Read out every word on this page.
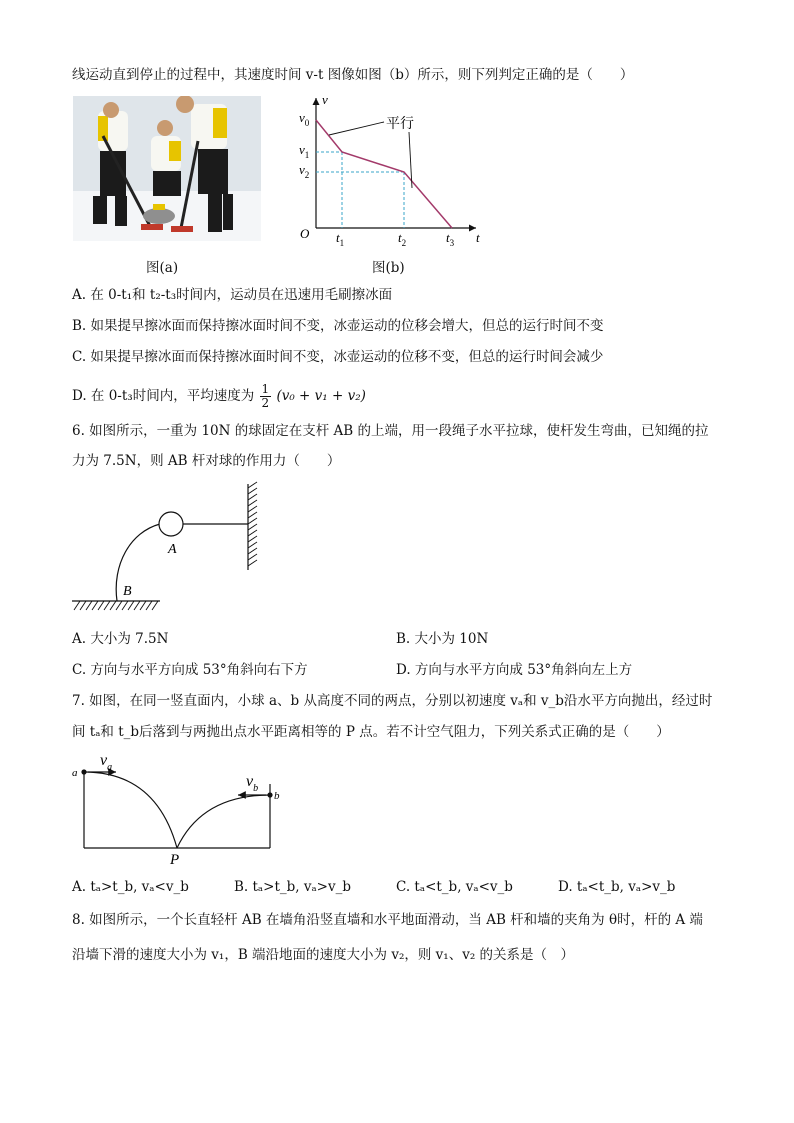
线运动直到停止的过程中，其速度时间 v-t 图像如图（b）所示，则下列判定正确的是（　　）
图(a)
平行
v
t
O
$v_0$
$v_1$
$v_2$
$t_1$	$t_2$	$t_3$
图(b)
A. 在 0-t₁和 t₂-t₃时间内，运动员在迅速用毛刷擦冰面
B. 如果提早擦冰面而保持擦冰面时间不变，冰壶运动的位移会增大，但总的运行时间不变
C. 如果提早擦冰面而保持擦冰面时间不变，冰壶运动的位移不变，但总的运行时间会减少
D. 在 0-t₃时间内，平均速度为 $\frac{1}{2} (v_0 + v_1 + v_2)$
6. 如图所示，一重为 10N 的球固定在支杆 AB 的上端，用一段绳子水平拉球，使杆发生弯曲，已知绳的拉
力为 7.5N，则 AB 杆对球的作用力（　　）
A
B
A. 大小为 7.5N	B. 大小为 10N
C. 方向与水平方向成 53°角斜向右下方	D. 方向与水平方向成 53°角斜向左上方
7. 如图，在同一竖直面内，小球 a、b 从高度不同的两点，分别以初速度 vₐ和 v_b沿水平方向抛出，经过时
间 tₐ和 t_b后落到与两抛出点水平距离相等的 P 点。若不计空气阻力，下列关系式正确的是（　　）
a
b
$v_a$
$v_b$
P
A. tₐ>t_b, vₐ<v_b	B. tₐ>t_b, vₐ>v_b	C. tₐ<t_b, vₐ<v_b	D. tₐ<t_b, vₐ>v_b
8. 如图所示，一个长直轻杆 AB 在墙角沿竖直墙和水平地面滑动，当 AB 杆和墙的夹角为 θ时，杆的 A 端
沿墙下滑的速度大小为 v₁，B 端沿地面的速度大小为 v₂，则 v₁、v₂ 的关系是（　）
